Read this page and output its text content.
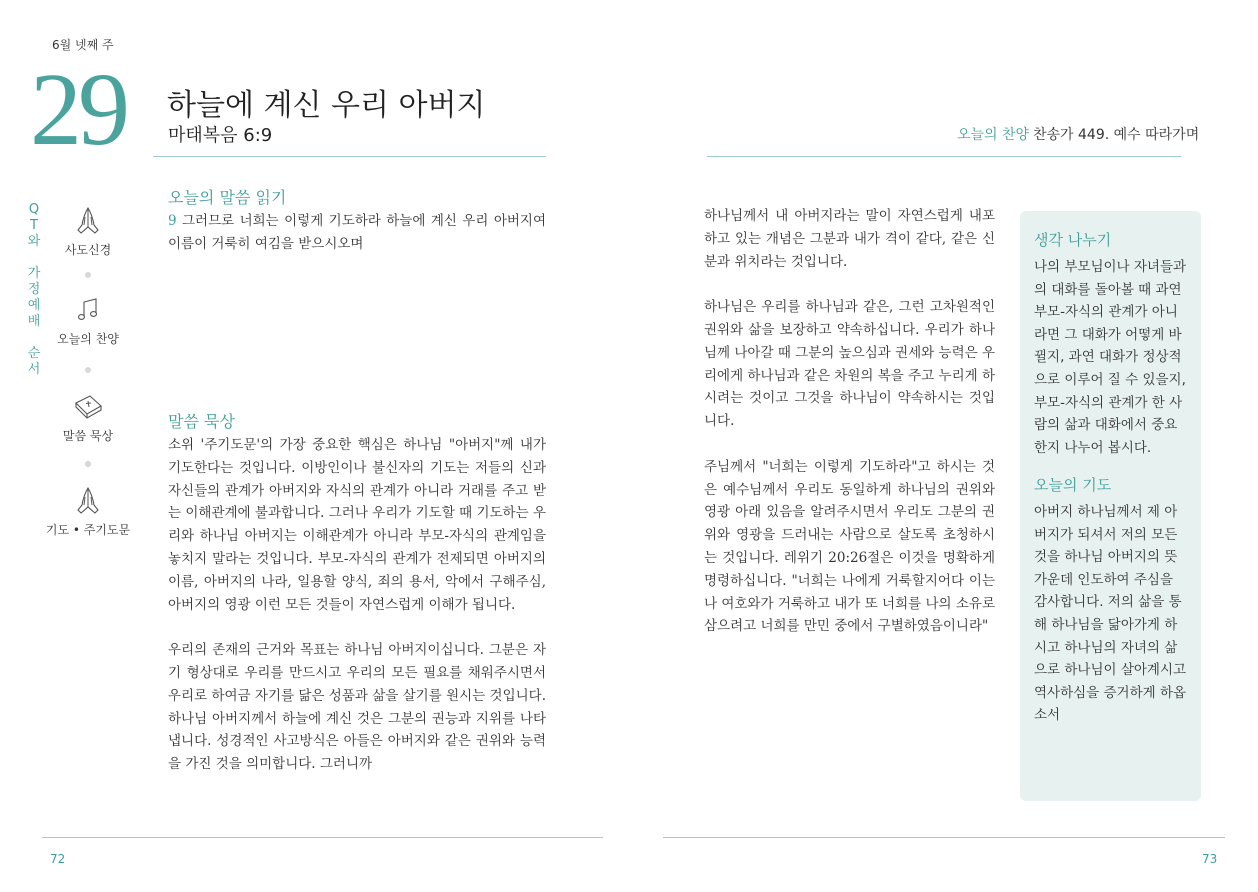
6월 넷째 주
29 하늘에 계신 우리 아버지
마태복음 6:9
Q
T
와
가
정
예
배
순
서
사도신경
오늘의 찬양
말씀 묵상
기도 • 주기도문
오늘의 말씀 읽기
9 그러므로 너희는 이렇게 기도하라 하늘에 계신 우리 아버지여 이름이 거룩히 여김을 받으시오며
말씀 묵상

소위 '주기도문'의 가장 중요한 핵심은 하나님 "아버지"께 내가 기도한다는 것입니다. 이방인이나 불신자의 기도는 저들의 신과 자신들의 관계가 아버지와 자식의 관계가 아니라 거래를 주고 받는 이해관계에 불과합니다. 그러나 우리가 기도할 때 기도하는 우리와 하나님 아버지는 이해관계가 아니라 부모-자식의 관계임을 놓치지 말라는 것입니다. 부모-자식의 관계가 전제되면 아버지의 이름, 아버지의 나라, 일용할 양식, 죄의 용서, 악에서 구해주심, 아버지의 영광 이런 모든 것들이 자연스럽게 이해가 됩니다.

우리의 존재의 근거와 목표는 하나님 아버지이십니다. 그분은 자기 형상대로 우리를 만드시고 우리의 모든 필요를 채워주시면서 우리로 하여금 자기를 닮은 성품과 삶을 살기를 원시는 것입니다. 하나님 아버지께서 하늘에 계신 것은 그분의 권능과 지위를 나타냅니다. 성경적인 사고방식은 아들은 아버지와 같은 권위와 능력을 가진 것을 의미합니다. 그러니까

72
오늘의 찬양 찬송가 449. 예수 따라가며

하나님께서 내 아버지라는 말이 자연스럽게 내포하고 있는 개념은 그분과 내가 격이 같다, 같은 신분과 위치라는 것입니다.

하나님은 우리를 하나님과 같은, 그런 고차원적인 권위와 삶을 보장하고 약속하십니다. 우리가 하나님께 나아갈 때 그분의 높으심과 권세와 능력은 우리에게 하나님과 같은 차원의 복을 주고 누리게 하시려는 것이고 그것을 하나님이 약속하시는 것입니다.

주님께서 "너희는 이렇게 기도하라"고 하시는 것은 예수님께서 우리도 동일하게 하나님의 권위와 영광 아래 있음을 알려주시면서 우리도 그분의 권위와 영광을 드러내는 사람으로 살도록 초청하시는 것입니다. 레위기 20:26절은 이것을 명확하게 명령하십니다. "너희는 나에게 거룩할지어다 이는 나 여호와가 거룩하고 내가 또 너희를 나의 소유로 삼으려고 너희를 만민 중에서 구별하였음이니라"

생각 나누기
나의 부모님이나 자녀들과의 대화를 돌아볼 때 과연 부모-자식의 관계가 아니라면 그 대화가 어떻게 바뀔지, 과연 대화가 정상적으로 이루어 질 수 있을지, 부모-자식의 관계가 한 사람의 삶과 대화에서 중요한지 나누어 봅시다.
오늘의 기도
아버지 하나님께서 제 아버지가 되셔서 저의 모든 것을 하나님 아버지의 뜻 가운데 인도하여 주심을 감사합니다. 저의 삶을 통해 하나님을 닮아가게 하시고 하나님의 자녀의 삶으로 하나님이 살아계시고 역사하심을 증거하게 하옵소서
73
